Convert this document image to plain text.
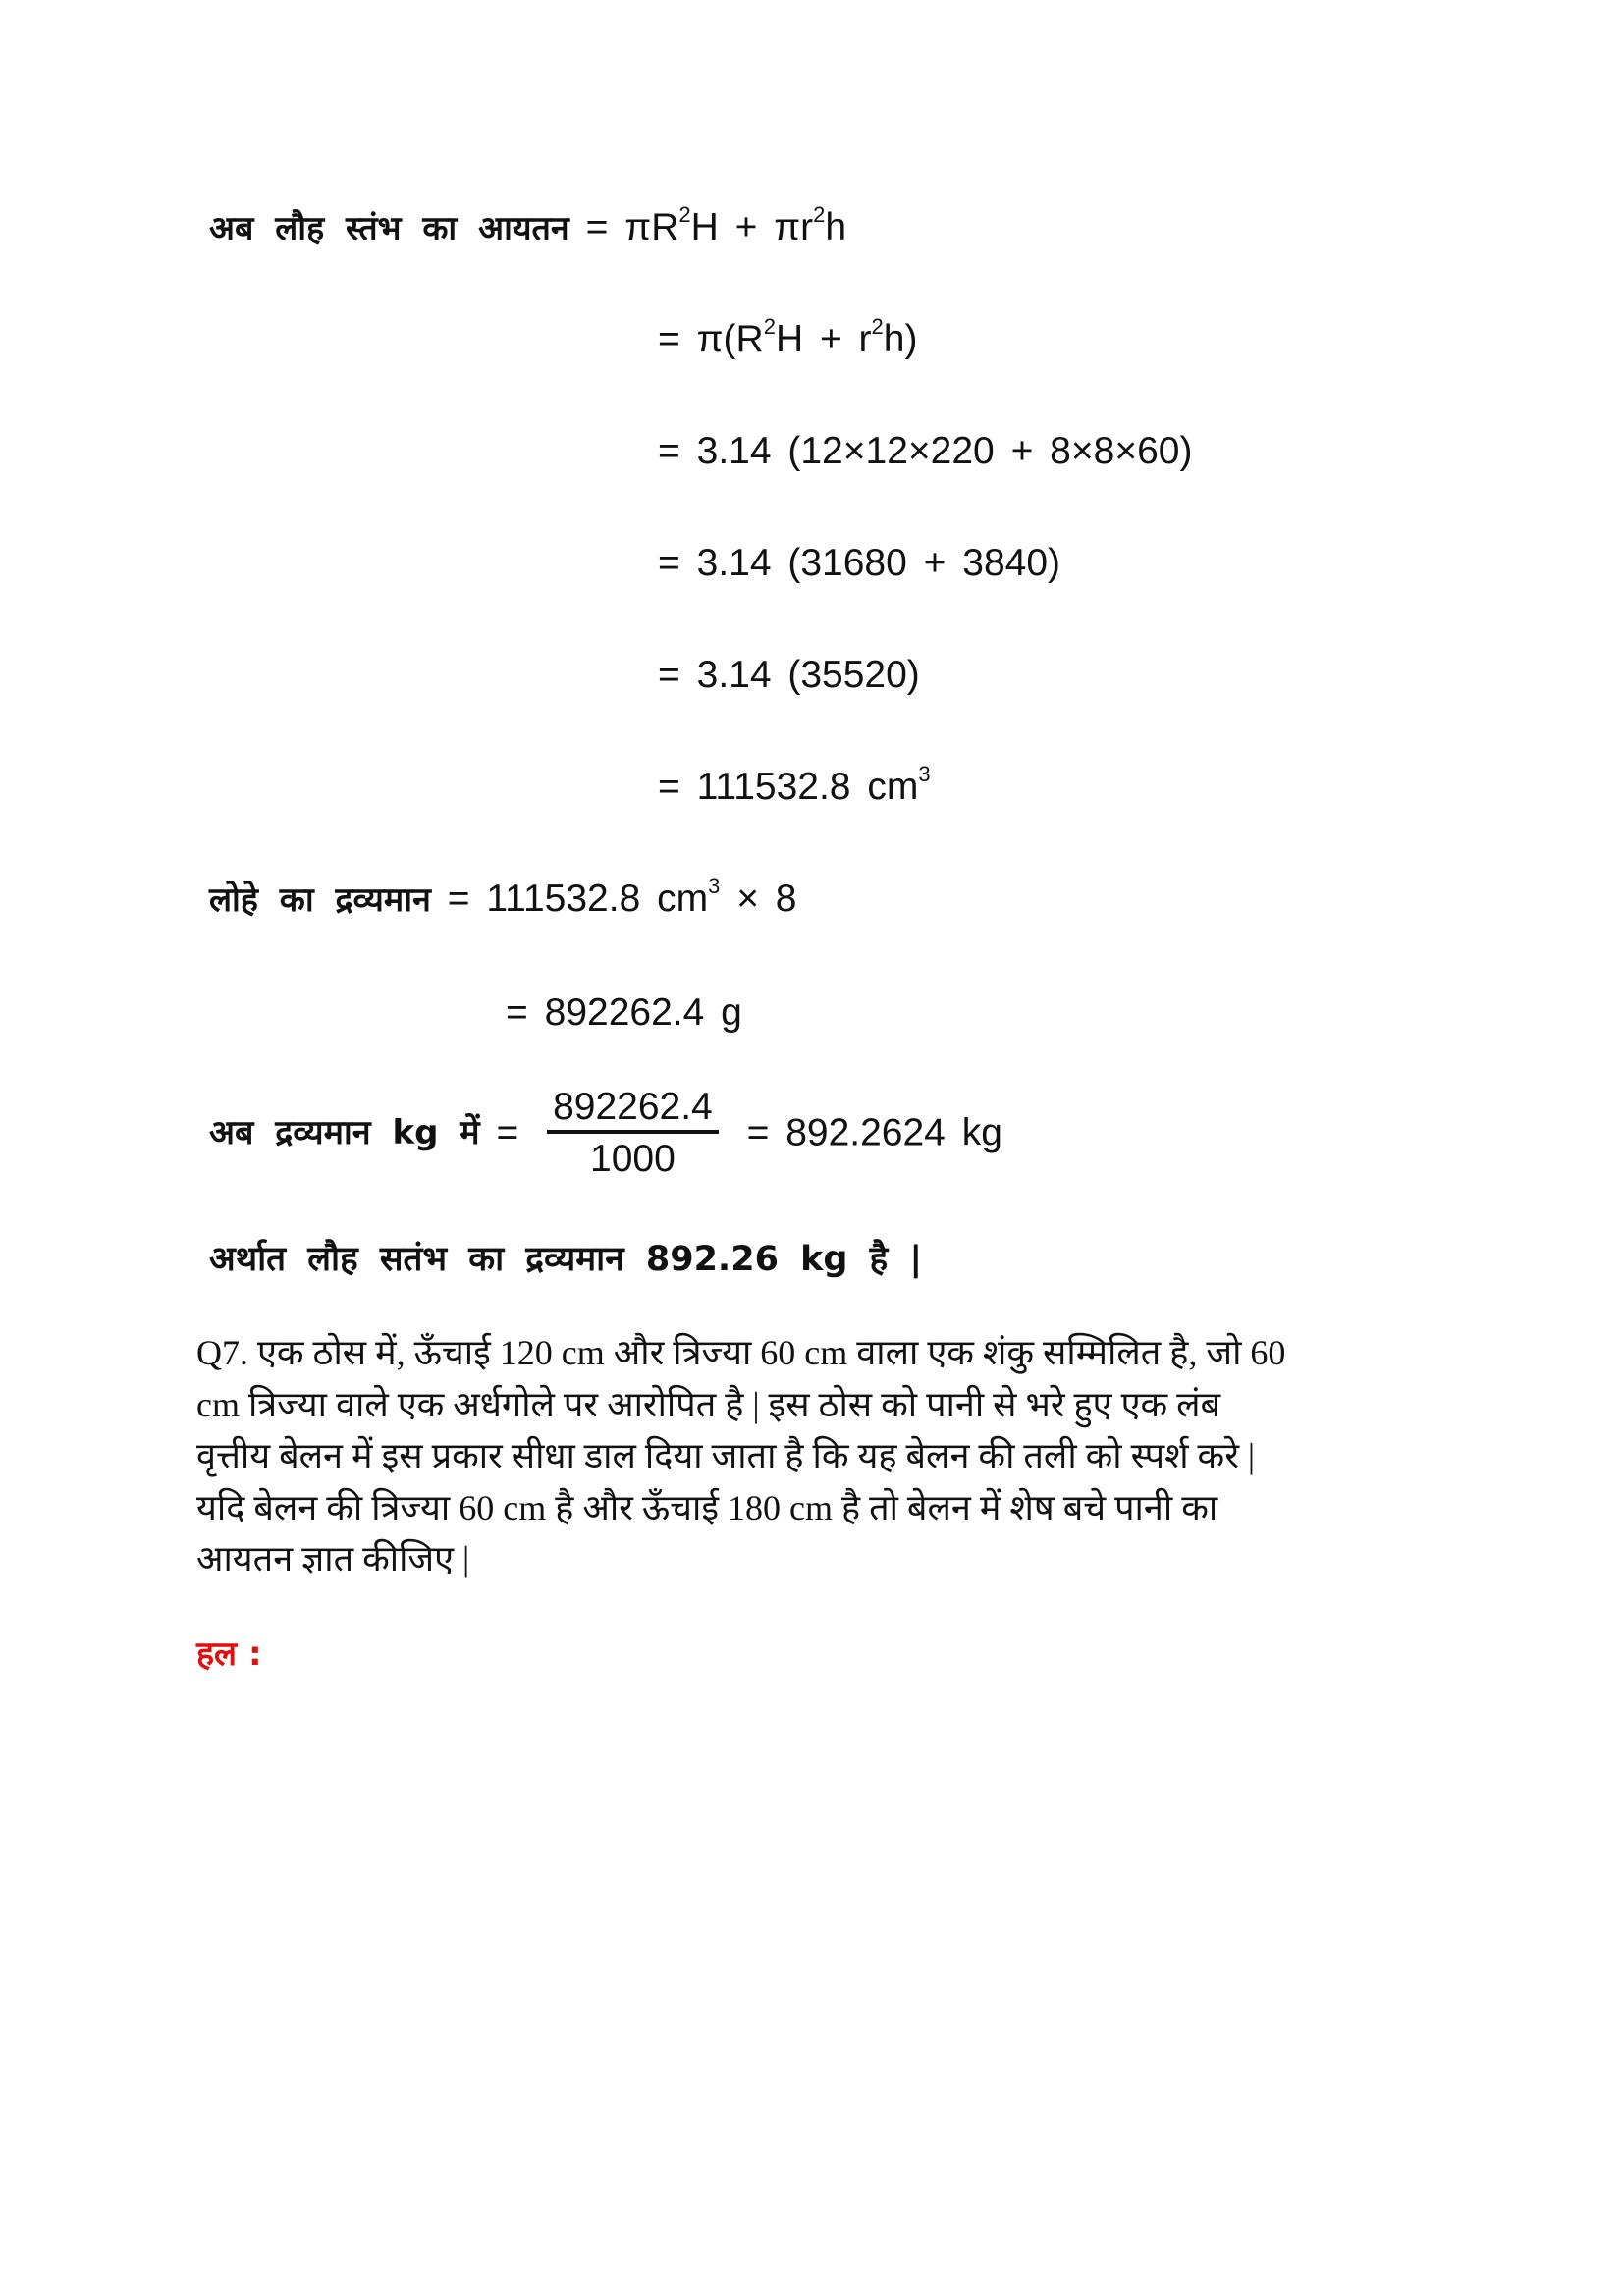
अब लौह स्तंभ का आयतन = $\pi R^2H + \pi r^2h$
= $\pi(R^2H + r^2h)$
= 3.14 (12×12×220 + 8×8×60)
= 3.14 (31680 + 3840)
= 3.14 (35520)
= 111532.8 $cm^3$
लोहे का द्रव्यमान = 111532.8 $cm^3 \times 8$
= 892262.4 g
अब द्रव्यमान kg में = $\frac{892262.4}{1000} = 892.2624$ kg
अर्थात लौह सतंभ का द्रव्यमान 892.26 kg है |
Q7. एक ठोस में, ऊँचाई 120 cm और त्रिज्या 60 cm वाला एक शंकु सम्मिलित है, जो 60
cm त्रिज्या वाले एक अर्धगोले पर आरोपित है | इस ठोस को पानी से भरे हुए एक लंब
वृत्तीय बेलन में इस प्रकार सीधा डाल दिया जाता है कि यह बेलन की तली को स्पर्श करे |
यदि बेलन की त्रिज्या 60 cm है और ऊँचाई 180 cm है तो बेलन में शेष बचे पानी का
आयतन ज्ञात कीजिए |
हल :
